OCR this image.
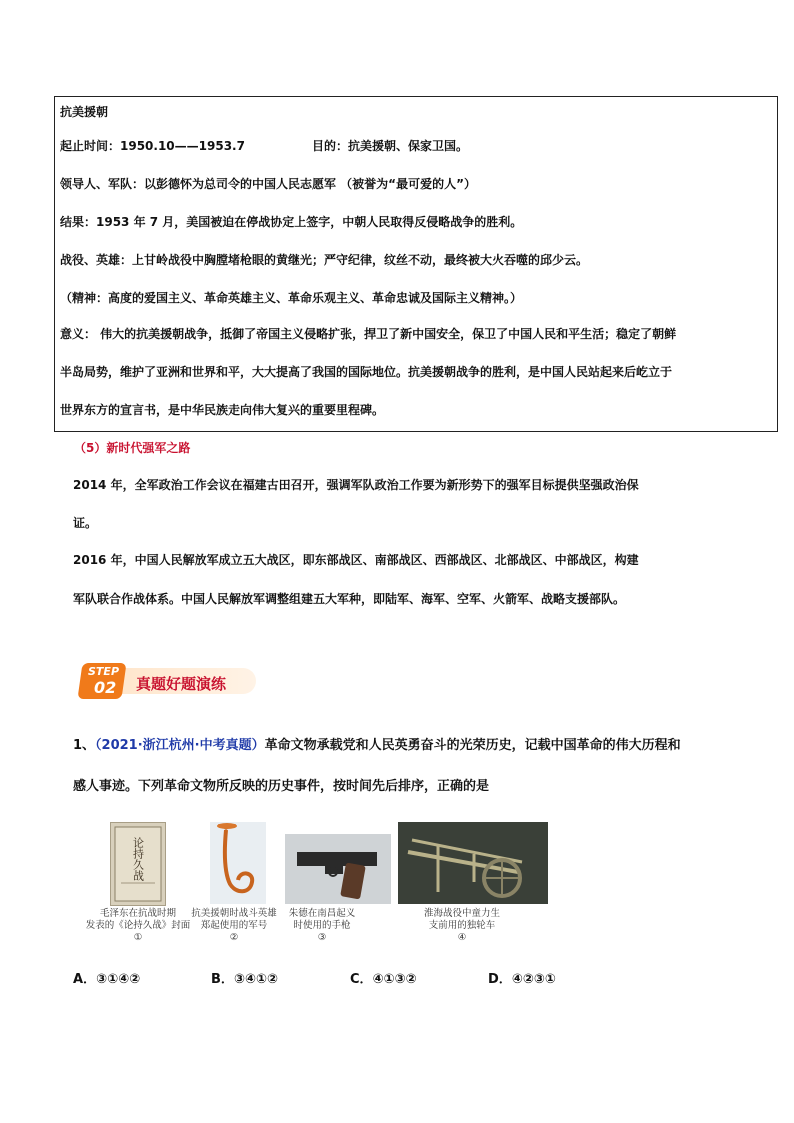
抗美援朝
起止时间：1950.10——1953.7	目的：抗美援朝、保家卫国。
领导人、军队：以彭德怀为总司令的中国人民志愿军 （被誉为“最可爱的人”）
结果：1953 年 7 月，美国被迫在停战协定上签字，中朝人民取得反侵略战争的胜利。
战役、英雄：上甘岭战役中胸膛堵枪眼的黄继光；严守纪律，纹丝不动，最终被大火吞噬的邱少云。
（精神：高度的爱国主义、革命英雄主义、革命乐观主义、革命忠诚及国际主义精神。）
意义： 伟大的抗美援朝战争，抵御了帝国主义侵略扩张，捍卫了新中国安全，保卫了中国人民和平生活；稳定了朝鲜
半岛局势，维护了亚洲和世界和平，大大提高了我国的国际地位。抗美援朝战争的胜利，是中国人民站起来后屹立于
世界东方的宣言书，是中华民族走向伟大复兴的重要里程碑。
（5）新时代强军之路
2014 年，全军政治工作会议在福建古田召开，强调军队政治工作要为新形势下的强军目标提供坚强政治保
证。
2016 年，中国人民解放军成立五大战区，即东部战区、南部战区、西部战区、北部战区、中部战区，构建
军队联合作战体系。中国人民解放军调整组建五大军种，即陆军、海军、空军、火箭军、战略支援部队。
STEP
02 真题好题演练
1、（2021·浙江杭州·中考真题）革命文物承载党和人民英勇奋斗的光荣历史，记载中国革命的伟大历程和
感人事迹。下列革命文物所反映的历史事件，按时间先后排序，正确的是
论持久战
毛泽东在抗战时期
发表的《论持久战》封面
①
抗美援朝时战斗英雄
郑起使用的军号
②
朱德在南昌起义
时使用的手枪
③
淮海战役中童力生
支前用的独轮车
④
A．③①④②	B．③④①②	C．④①③②	D．④②③①
